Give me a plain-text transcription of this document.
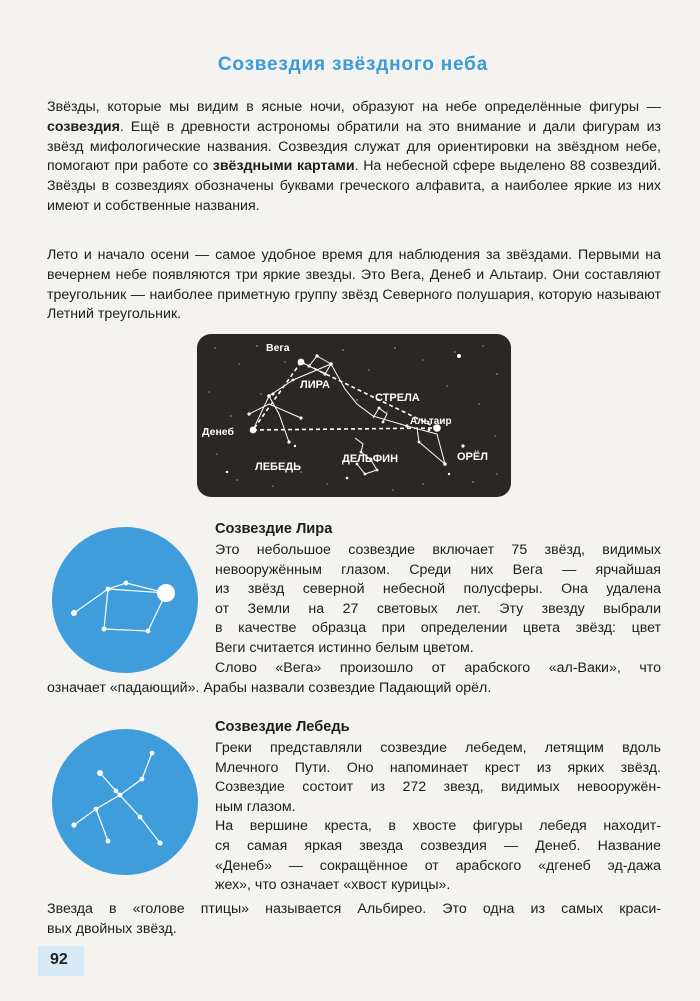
Созвездия звёздного неба

Звёзды, которые мы видим в ясные ночи, образуют на небе определённые фигуры — созвездия. Ещё в древности астрономы обратили на это внимание и дали фигурам из звёзд мифологические названия. Созвездия служат для ориентировки на звёздном небе, помогают при работе со звёздными картами. На небесной сфере выделено 88 созвездий. Звёзды в созвездиях обозначены буквами греческого алфавита, а наиболее яркие из них имеют и собственные названия.

Лето и начало осени — самое удобное время для наблюдения за звёздами. Первыми на вечернем небе появляются три яркие звезды. Это Вега, Денеб и Альтаир. Они составляют треугольник — наиболее приметную группу звёзд Северного полушария, которую называют Летний треугольник.

Вега
Денеб
Альтаир
ЛИРА
СТРЕЛА
ЛЕБЕДЬ
ДЕЛЬФИН	ОРЁЛ
Созвездие Лира
Это небольшое созвездие включает 75 звёзд, видимых
невооружённым глазом. Среди них Вега — ярчайшая
из звёзд северной небесной полусферы. Она удалена
от Земли на 27 световых лет. Эту звезду выбрали
в качестве образца при определении цвета звёзд: цвет
Веги считается истинно белым цветом.
Слово «Вега» произошло от арабского «ал-Ваки», что
означает «падающий». Арабы назвали созвездие Падающий орёл.
Созвездие Лебедь
Греки представляли созвездие лебедем, летящим вдоль
Млечного Пути. Оно напоминает крест из ярких звёзд.
Созвездие состоит из 272 звезд, видимых невооружён-
ным глазом.
На вершине креста, в хвосте фигуры лебедя находит-
ся самая яркая звезда созвездия — Денеб. Название
«Денеб» — сокращённое от арабского «дгенеб эд-дажа
жех», что означает «хвост курицы».
Звезда в «голове птицы» называется Альбирео. Это одна из самых краси-
вых двойных звёзд.
92
